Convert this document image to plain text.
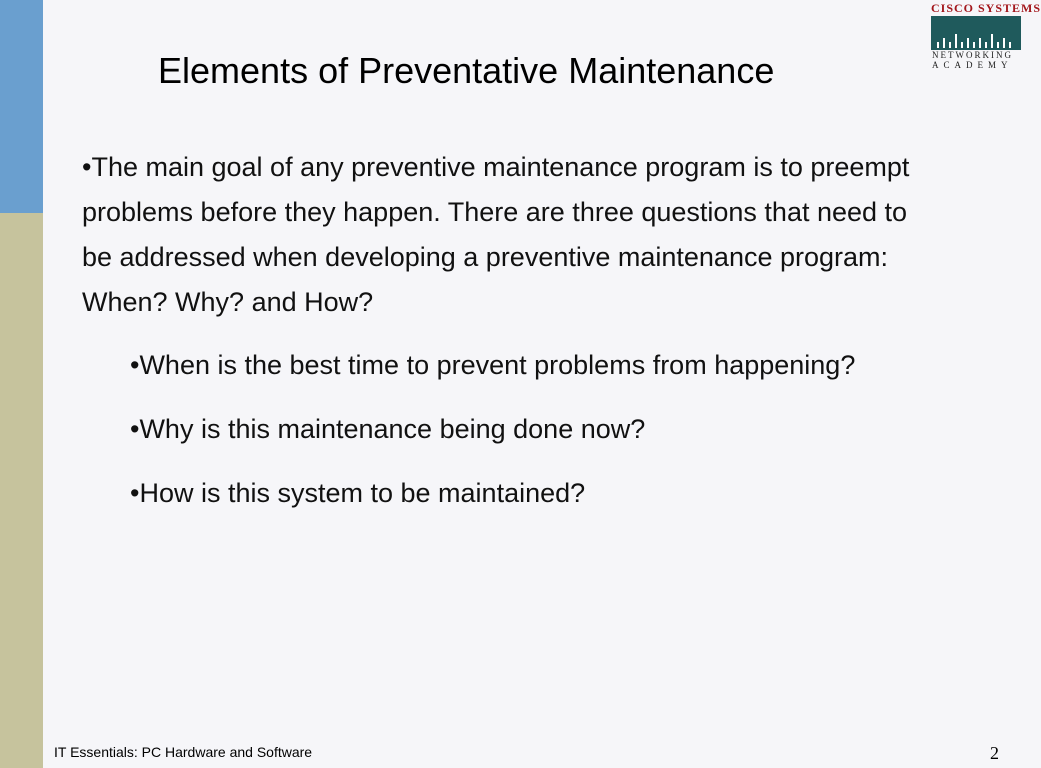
CISCO SYSTEMS
NETWORKING
ACADEMY
Elements of Preventative Maintenance
•The main goal of any preventive maintenance program is to preempt problems before they happen. There are three questions that need to be addressed when developing a preventive maintenance program: When? Why? and How?
•When is the best time to prevent problems from happening?
•Why is this maintenance being done now?
•How is this system to be maintained?
IT Essentials: PC Hardware and Software	2
